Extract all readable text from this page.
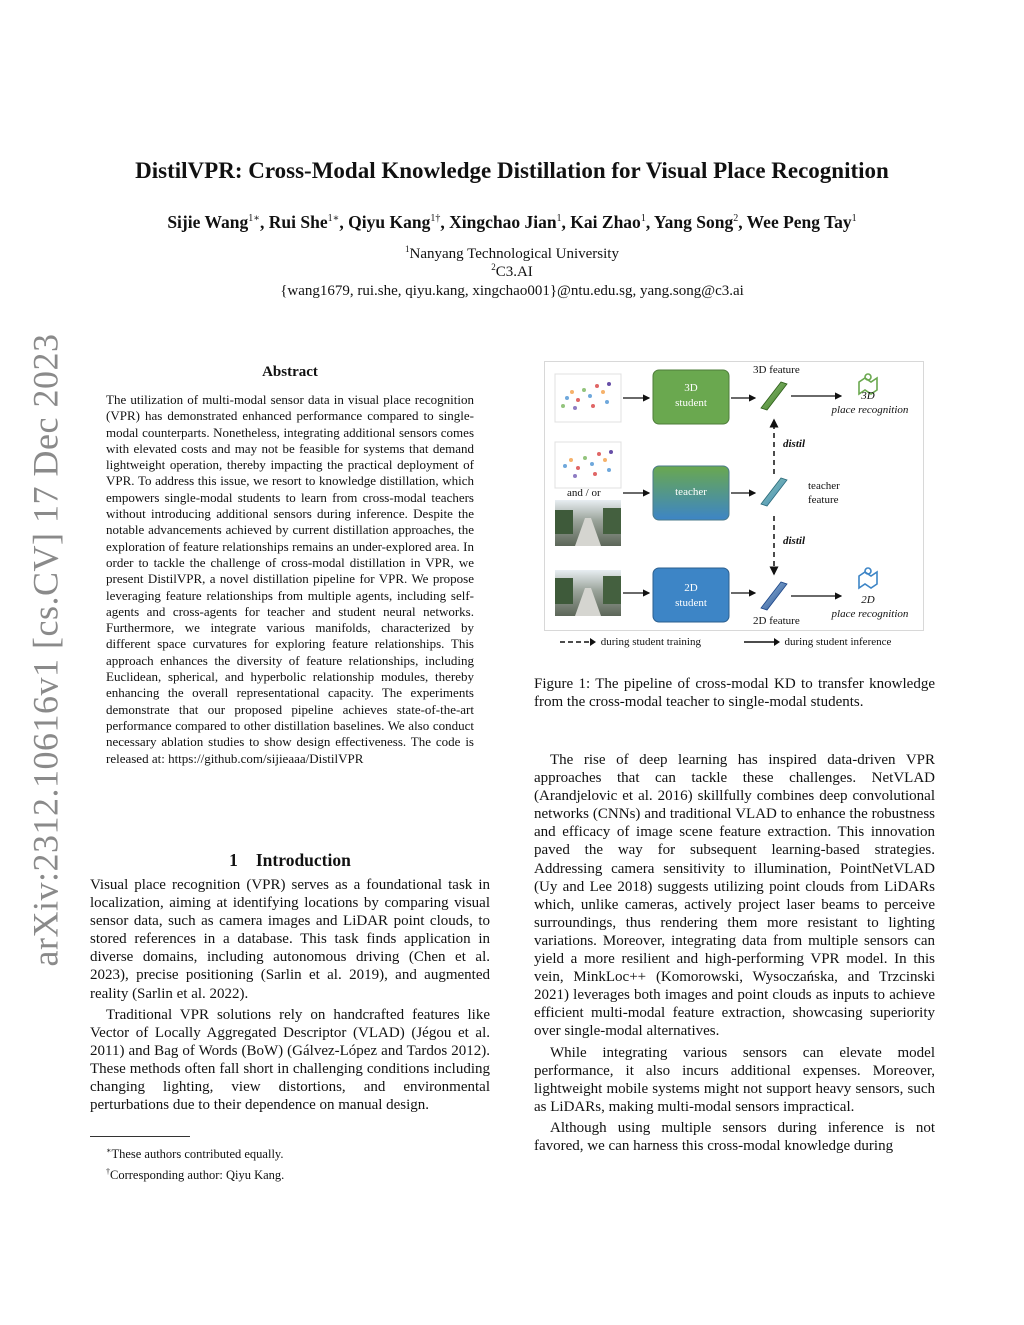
arXiv:2312.10616v1 [cs.CV] 17 Dec 2023
DistilVPR: Cross-Modal Knowledge Distillation for Visual Place Recognition
Sijie Wang$^{1∗}$, Rui She$^{1∗}$, Qiyu Kang$^{1\dagger}$, Xingchao Jian$^1$, Kai Zhao$^1$, Yang Song$^2$, Wee Peng Tay$^1$
$^1$Nanyang Technological University
$^2$C3.AI
{wang1679, rui.she, qiyu.kang, xingchao001}@ntu.edu.sg, yang.song@c3.ai
Abstract
The utilization of multi-modal sensor data in visual place recognition (VPR) has demonstrated enhanced performance compared to single-modal counterparts. Nonetheless, integrating additional sensors comes with elevated costs and may not be feasible for systems that demand lightweight operation, thereby impacting the practical deployment of VPR. To address this issue, we resort to knowledge distillation, which empowers single-modal students to learn from cross-modal teachers without introducing additional sensors during inference. Despite the notable advancements achieved by current distillation approaches, the exploration of feature relationships remains an under-explored area. In order to tackle the challenge of cross-modal distillation in VPR, we present DistilVPR, a novel distillation pipeline for VPR. We propose leveraging feature relationships from multiple agents, including self-agents and cross-agents for teacher and student neural networks. Furthermore, we integrate various manifolds, characterized by different space curvatures for exploring feature relationships. This approach enhances the diversity of feature relationships, including Euclidean, spherical, and hyperbolic relationship modules, thereby enhancing the overall representational capacity. The experiments demonstrate that our proposed pipeline achieves state-of-the-art performance compared to other distillation baselines. We also conduct necessary ablation studies to show design effectiveness. The code is released at: https://github.com/sijieaaa/DistilVPR
1 Introduction

Visual place recognition (VPR) serves as a foundational task in localization, aiming at identifying locations by comparing visual sensor data, such as camera images and LiDAR point clouds, to stored references in a database. This task finds application in diverse domains, including autonomous driving (Chen et al. 2023), precise positioning (Sarlin et al. 2019), and augmented reality (Sarlin et al. 2022).

Traditional VPR solutions rely on handcrafted features like Vector of Locally Aggregated Descriptor (VLAD) (Jégou et al. 2011) and Bag of Words (BoW) (Gálvez-López and Tardos 2012). These methods often fall short in challenging conditions including changing lighting, view distortions, and environmental perturbations due to their dependence on manual design.

∗These authors contributed equally.
†Corresponding author: Qiyu Kang.
3D feature
2D feature
teacher
feature
3D
student
teacher
2D
student
distil
distil
and / or
3D
place recognition
2D
place recognition
during student training	during student inference
Figure 1: The pipeline of cross-modal KD to transfer knowledge from the cross-modal teacher to single-modal students.

The rise of deep learning has inspired data-driven VPR approaches that can tackle these challenges. NetVLAD (Arandjelovic et al. 2016) skillfully combines deep convolutional networks (CNNs) and traditional VLAD to enhance the robustness and efficacy of image scene feature extraction. This innovation paved the way for subsequent learning-based strategies. Addressing camera sensitivity to illumination, PointNetVLAD (Uy and Lee 2018) suggests utilizing point clouds from LiDARs which, unlike cameras, actively project laser beams to perceive surroundings, thus rendering them more resistant to lighting variations. Moreover, integrating data from multiple sensors can yield a more resilient and high-performing VPR model. In this vein, MinkLoc++ (Komorowski, Wysoczańska, and Trzcinski 2021) leverages both images and point clouds as inputs to achieve efficient multi-modal feature extraction, showcasing superiority over single-modal alternatives.

While integrating various sensors can elevate model performance, it also incurs additional expenses. Moreover, lightweight mobile systems might not support heavy sensors, such as LiDARs, making multi-modal sensors impractical.

Although using multiple sensors during inference is not favored, we can harness this cross-modal knowledge during
